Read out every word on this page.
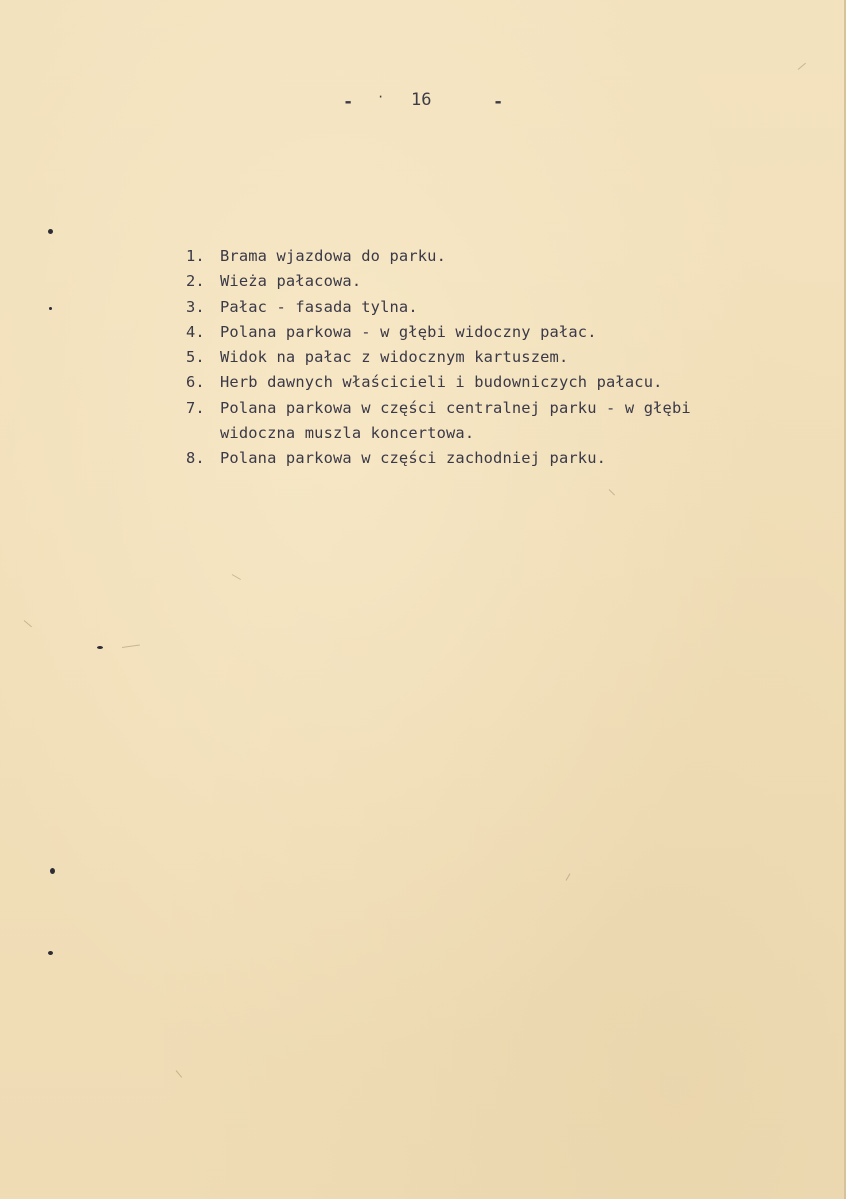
- · 16	-
1. Brama wjazdowa do parku.
2. Wieża pałacowa.
3. Pałac - fasada tylna.
4. Polana parkowa - w głębi widoczny pałac.
5. Widok na pałac z widocznym kartuszem.
6. Herb dawnych właścicieli i budowniczych pałacu.
7. Polana parkowa w części centralnej parku - w głębi
widoczna muszla koncertowa.
8. Polana parkowa w części zachodniej parku.
